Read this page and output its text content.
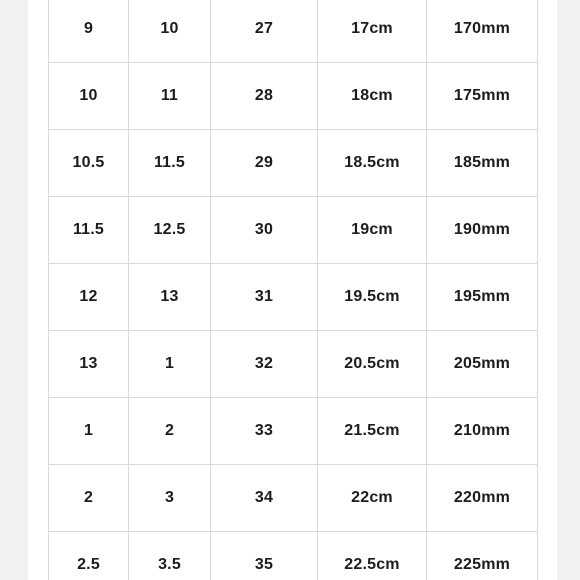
9	10	27	17cm	170mm
10	11	28	18cm	175mm
10.5	11.5	29	18.5cm	185mm
11.5	12.5	30	19cm	190mm
12	13	31	19.5cm	195mm
13	1	32	20.5cm	205mm
1	2	33	21.5cm	210mm
2	3	34	22cm	220mm
2.5	3.5	35	22.5cm	225mm
